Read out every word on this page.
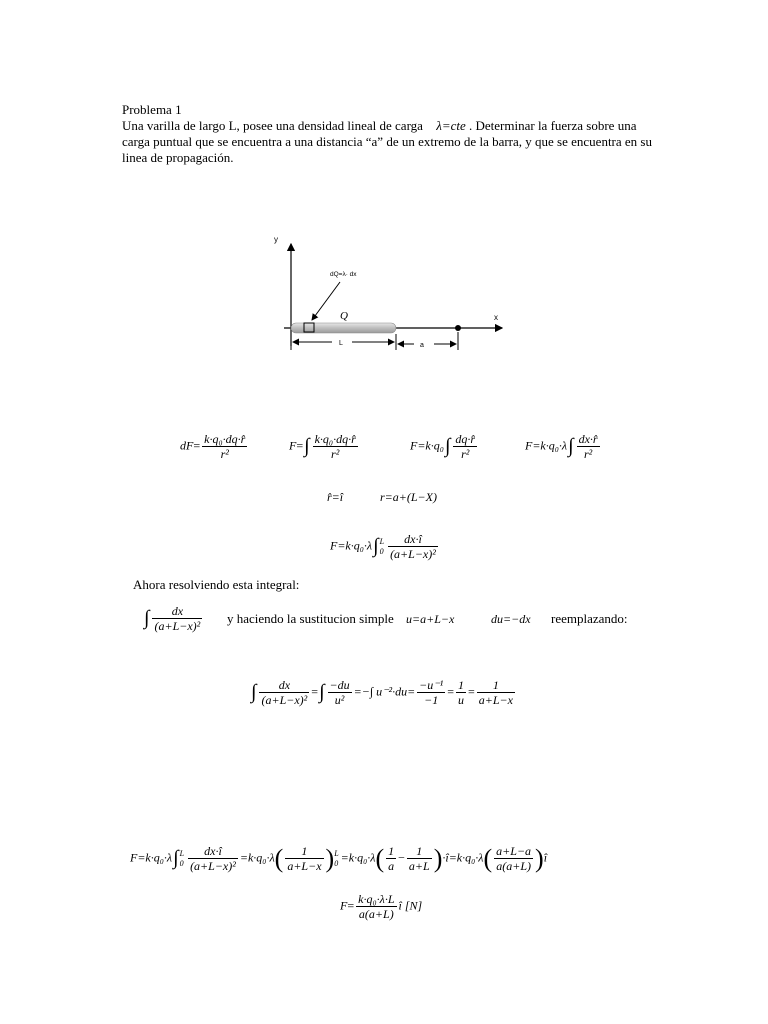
Problema 1
Una varilla de largo L, posee una densidad lineal de carga λ=cte . Determinar la fuerza sobre una
carga puntual que se encuentra a una distancia “a” de un extremo de la barra, y que se encuentra en su
linea de propagación.
y
x
dQ=λ· dx
Q
L	a
$dF= \frac{\text{k·q₀·dq·r̂}}{\text{r²}}$	$F=\int \frac{\text{k·q₀·dq·r̂}}{\text{r²}}$	$F=k\cdot q_0\int \frac{dq\cdot r̂}{\text{r²}}$	$F=k\cdot q_0\cdot\lambda\int \frac{dx\cdot r̂}{\text{r²}}$
r̂=î	r=a+(L−X)
F=k·q₀·λ∫ L
$0 \frac{dx\cdot î}{\text{(a+L−x)²}}$
Ahora resolviendo esta integral:
∫ $\frac{dx}{\text{(a+L−x)²}}$ y haciendo la sustitucion simple u=a+L−x	du=−dx reemplazando:
∫ $\frac{dx}{\text{(a+L−x)²}}$ =∫ $\frac{-du}{\text{u²}}$ =−∫ $u^{-2}\cdot du= \frac{\text{−u⁻¹}}{-1} = \frac{1}{u} = \frac{1}{a+L-x}$
F=k·q₀·λ∫ L
$0 \frac{dx\cdot î}{\text{(a+L−x)²}} =k\cdot q_0\cdot\lambda( \frac{1}{a+L-x}$ ) L
$0 =k\cdot q_0\cdot\lambda( \frac{1}{a} - \frac{1}{a+L}$ )·î=k·q₀·λ( $\frac{a+L-a}{a(a+L)}$ )î
$F= \frac{\text{k·q₀·λ·L}}{a(a+L)}$ î [N]
